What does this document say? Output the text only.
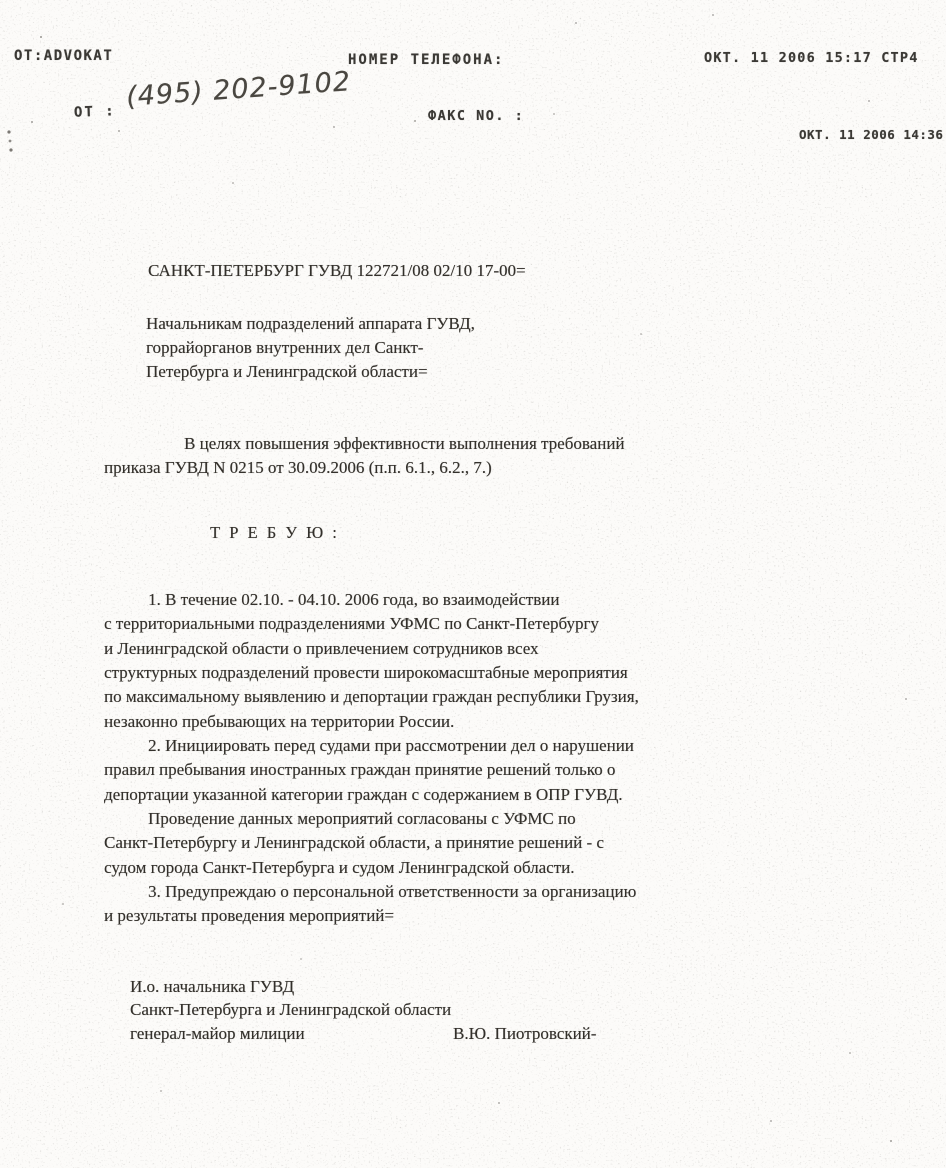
ОТ:ADVOKAT	НОМЕР ТЕЛЕФОНА:	ОКТ. 11 2006 15:17 СТР4
ОТ : (495) 202-9102
ФАКС NO. :
ОКТ. 11 2006 14:36
САНКТ-ПЕТЕРБУРГ ГУВД 122721/08 02/10 17-00=
Начальникам подразделений аппарата ГУВД,
горрайорганов внутренних дел Санкт-
Петербурга и Ленинградской области=
В целях повышения эффективности выполнения требований
приказа ГУВД N 0215 от 30.09.2006 (п.п. 6.1., 6.2., 7.)
Т Р Е Б У Ю :
1. В течение 02.10. - 04.10. 2006 года, во взаимодействии
с территориальными подразделениями УФМС по Санкт-Петербургу
и Ленинградской области о привлечением сотрудников всех
структурных подразделений провести широкомасштабные мероприятия
по максимальному выявлению и депортации граждан республики Грузия,
незаконно пребывающих на территории России.
2. Инициировать перед судами при рассмотрении дел о нарушении
правил пребывания иностранных граждан принятие решений только о
депортации указанной категории граждан с содержанием в ОПР ГУВД.
Проведение данных мероприятий согласованы с УФМС по
Санкт-Петербургу и Ленинградской области, а принятие решений - с
судом города Санкт-Петербурга и судом Ленинградской области.
3. Предупреждаю о персональной ответственности за организацию
и результаты проведения мероприятий=
И.о. начальника ГУВД
Санкт-Петербурга и Ленинградской области
генерал-майор милиции	В.Ю. Пиотровский-
